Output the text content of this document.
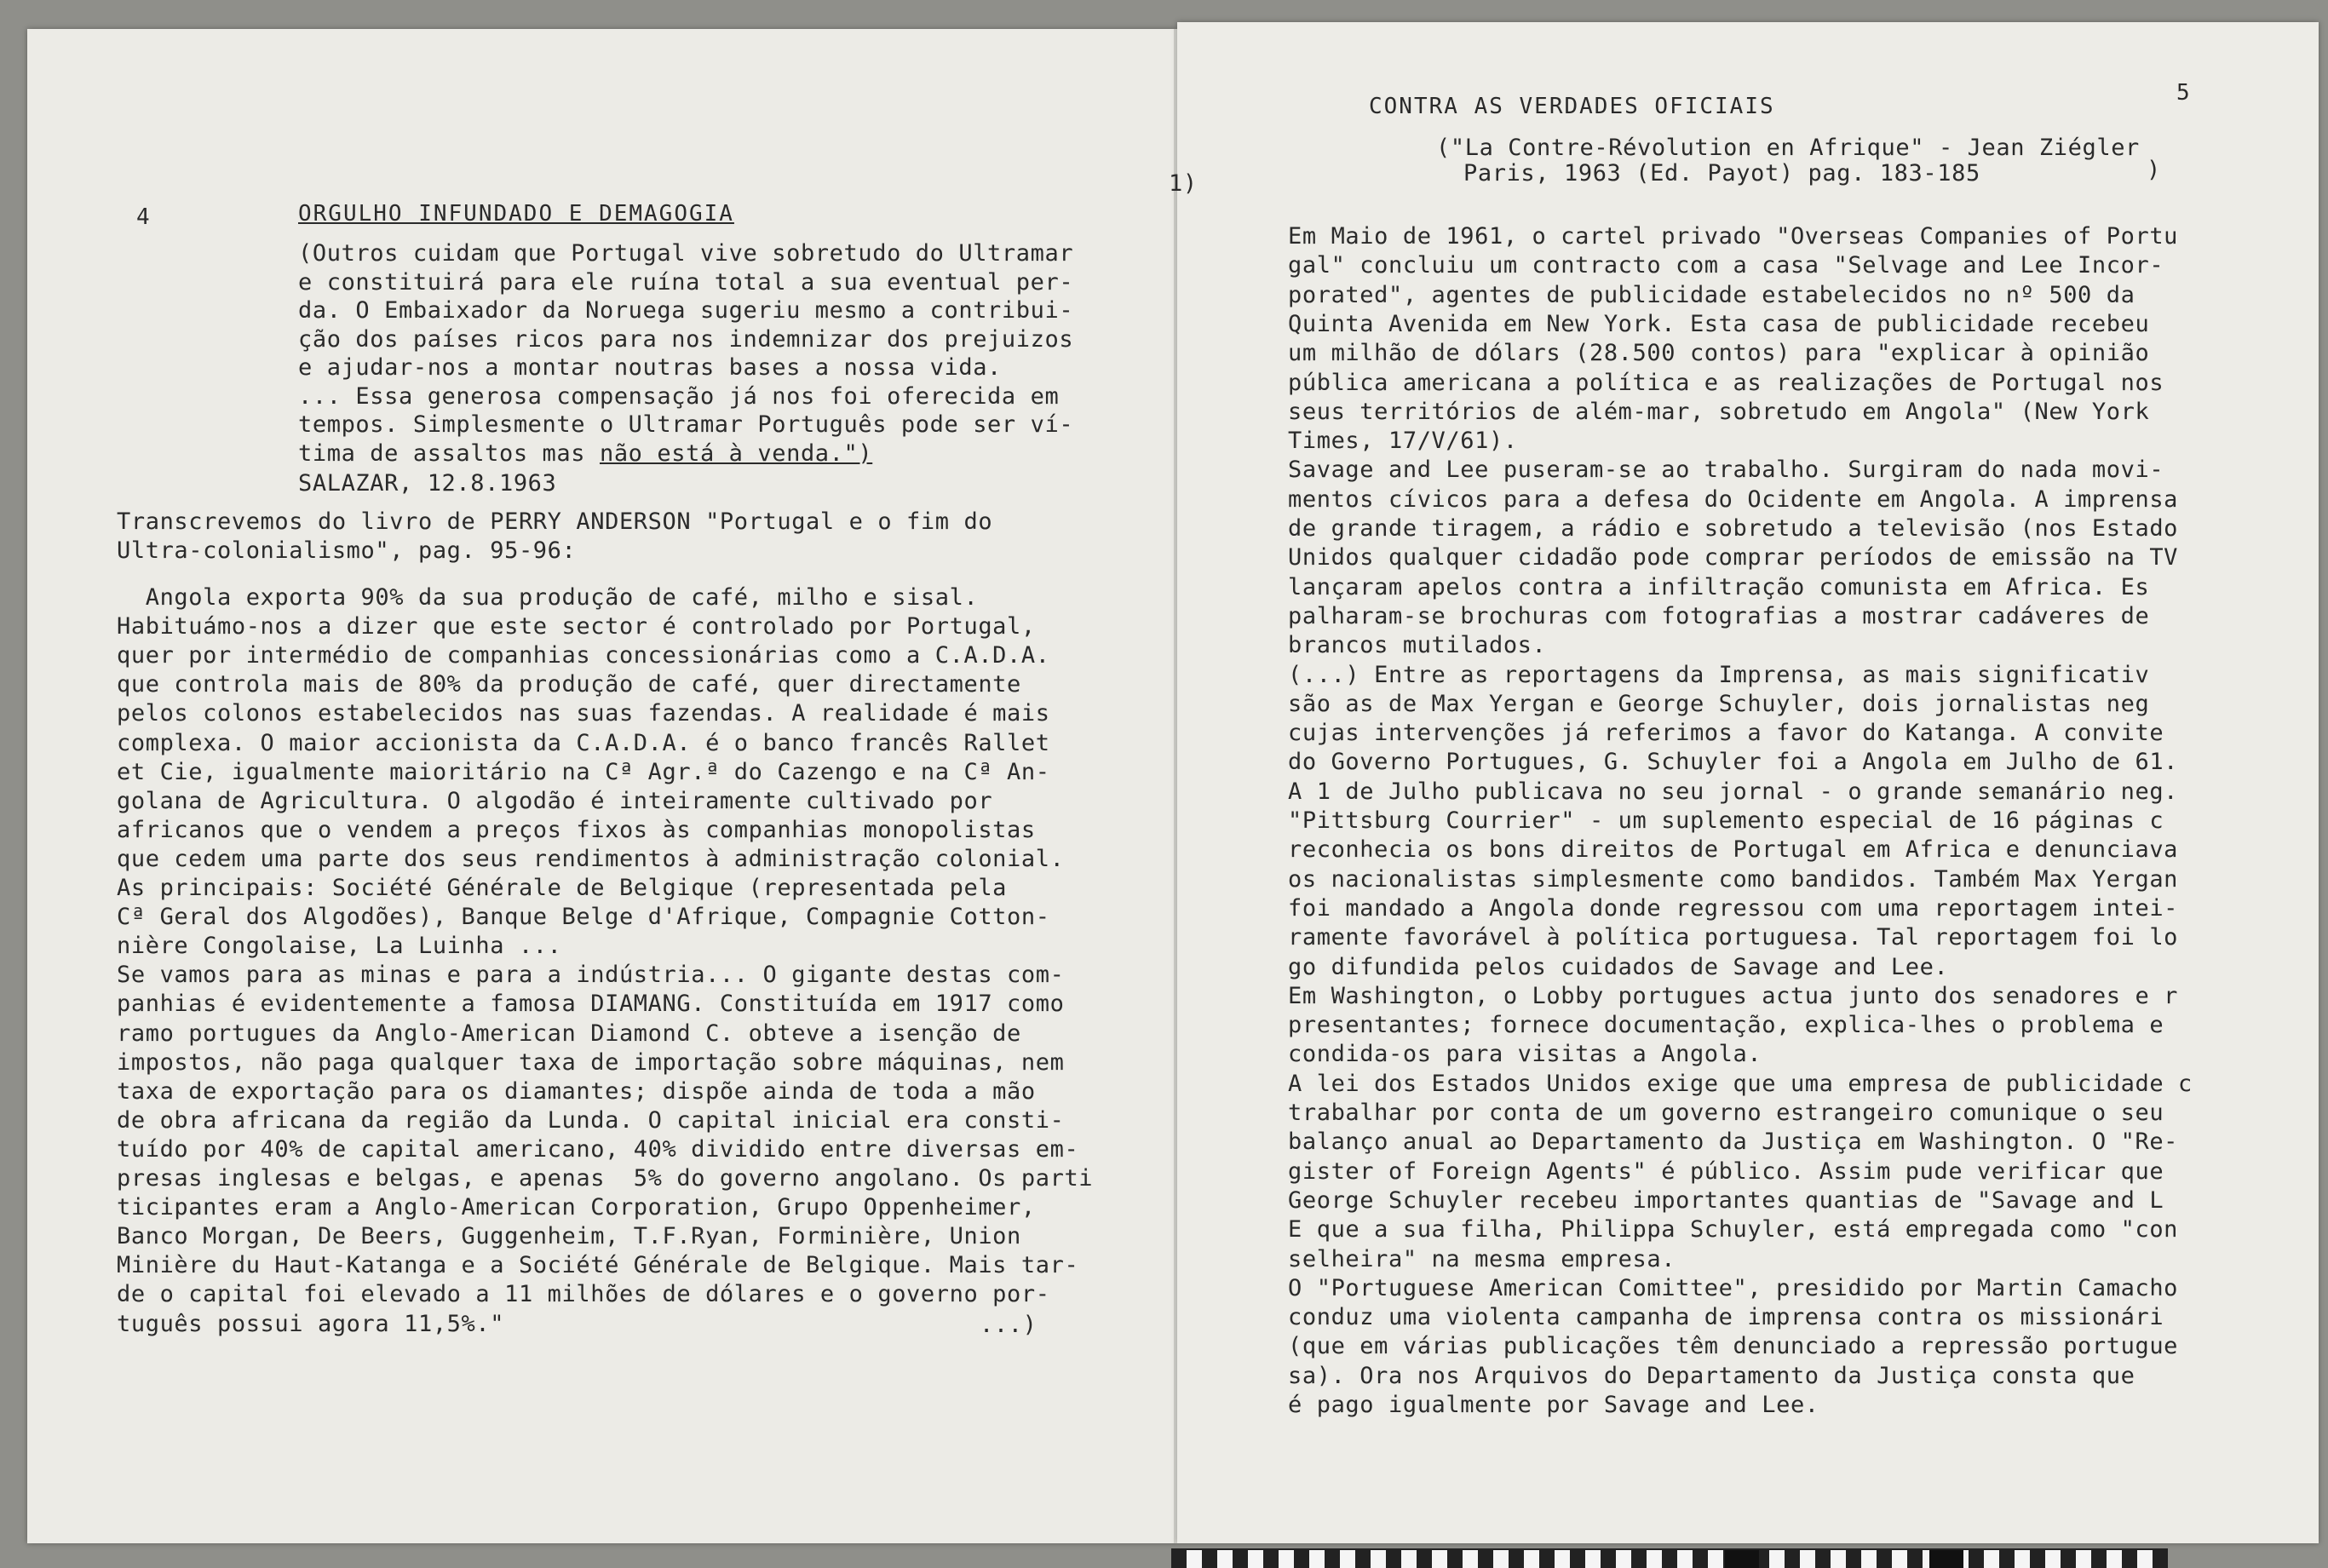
4	ORGULHO INFUNDADO E DEMAGOGIA
(Outros cuidam que Portugal vive sobretudo do Ultramar
e constituirá para ele ruína total a sua eventual per-
da. O Embaixador da Noruega sugeriu mesmo a contribui-
ção dos países ricos para nos indemnizar dos prejuizos
e ajudar-nos a montar noutras bases a nossa vida.
... Essa generosa compensação já nos foi oferecida em
tempos. Simplesmente o Ultramar Português pode ser ví-
tima de assaltos mas não está à venda.")
SALAZAR, 12.8.1963
Transcrevemos do livro de PERRY ANDERSON "Portugal e o fim do
Ultra-colonialismo", pag. 95-96:
Angola exporta 90% da sua produção de café, milho e sisal.
Habituámo-nos a dizer que este sector é controlado por Portugal,
quer por intermédio de companhias concessionárias como a C.A.D.A.
que controla mais de 80% da produção de café, quer directamente
pelos colonos estabelecidos nas suas fazendas. A realidade é mais
complexa. O maior accionista da C.A.D.A. é o banco francês Rallet
et Cie, igualmente maioritário na Cª Agr.ª do Cazengo e na Cª An-
golana de Agricultura. O algodão é inteiramente cultivado por
africanos que o vendem a preços fixos às companhias monopolistas
que cedem uma parte dos seus rendimentos à administração colonial.
As principais: Société Générale de Belgique (representada pela
Cª Geral dos Algodões), Banque Belge d'Afrique, Compagnie Cotton-
nière Congolaise, La Luinha ...
Se vamos para as minas e para a indústria... O gigante destas com-
panhias é evidentemente a famosa DIAMANG. Constituída em 1917 como
ramo portugues da Anglo-American Diamond C. obteve a isenção de
impostos, não paga qualquer taxa de importação sobre máquinas, nem
taxa de exportação para os diamantes; dispõe ainda de toda a mão
de obra africana da região da Lunda. O capital inicial era consti-
tuído por 40% de capital americano, 40% dividido entre diversas em-
presas inglesas e belgas, e apenas  5% do governo angolano. Os parti
ticipantes eram a Anglo-American Corporation, Grupo Oppenheimer,
Banco Morgan, De Beers, Guggenheim, T.F.Ryan, Forminière, Union
Minière du Haut-Katanga e a Société Générale de Belgique. Mais tar-
de o capital foi elevado a 11 milhões de dólares e o governo por-
tuguês possui agora 11,5%."	...)
CONTRA AS VERDADES OFICIAIS
5
("La Contre-Révolution en Afrique" - Jean Ziégler
Paris, 1963 (Ed. Payot) pag. 183-185	)
1)
Em Maio de 1961, o cartel privado "Overseas Companies of Portu
gal" concluiu um contracto com a casa "Selvage and Lee Incor-
porated", agentes de publicidade estabelecidos no nº 500 da
Quinta Avenida em New York. Esta casa de publicidade recebeu
um milhão de dólars (28.500 contos) para "explicar à opinião
pública americana a política e as realizações de Portugal nos
seus territórios de além-mar, sobretudo em Angola" (New York
Times, 17/V/61).
Savage and Lee puseram-se ao trabalho. Surgiram do nada movi-
mentos cívicos para a defesa do Ocidente em Angola. A imprensa
de grande tiragem, a rádio e sobretudo a televisão (nos Estado
Unidos qualquer cidadão pode comprar períodos de emissão na TV
lançaram apelos contra a infiltração comunista em Africa. Es
palharam-se brochuras com fotografias a mostrar cadáveres de
brancos mutilados.
(...) Entre as reportagens da Imprensa, as mais significativ
são as de Max Yergan e George Schuyler, dois jornalistas neg
cujas intervenções já referimos a favor do Katanga. A convite
do Governo Portugues, G. Schuyler foi a Angola em Julho de 61.
A 1 de Julho publicava no seu jornal - o grande semanário neg.
"Pittsburg Courrier" - um suplemento especial de 16 páginas c
reconhecia os bons direitos de Portugal em Africa e denunciava
os nacionalistas simplesmente como bandidos. Também Max Yergan
foi mandado a Angola donde regressou com uma reportagem intei-
ramente favorável à política portuguesa. Tal reportagem foi lo
go difundida pelos cuidados de Savage and Lee.
Em Washington, o Lobby portugues actua junto dos senadores e r
presentantes; fornece documentação, explica-lhes o problema e
condida-os para visitas a Angola.
A lei dos Estados Unidos exige que uma empresa de publicidade c
trabalhar por conta de um governo estrangeiro comunique o seu
balanço anual ao Departamento da Justiça em Washington. O "Re-
gister of Foreign Agents" é público. Assim pude verificar que
George Schuyler recebeu importantes quantias de "Savage and L
E que a sua filha, Philippa Schuyler, está empregada como "con
selheira" na mesma empresa.
O "Portuguese American Comittee", presidido por Martin Camacho
conduz uma violenta campanha de imprensa contra os missionári
(que em várias publicações têm denunciado a repressão portugue
sa). Ora nos Arquivos do Departamento da Justiça consta que
é pago igualmente por Savage and Lee.
